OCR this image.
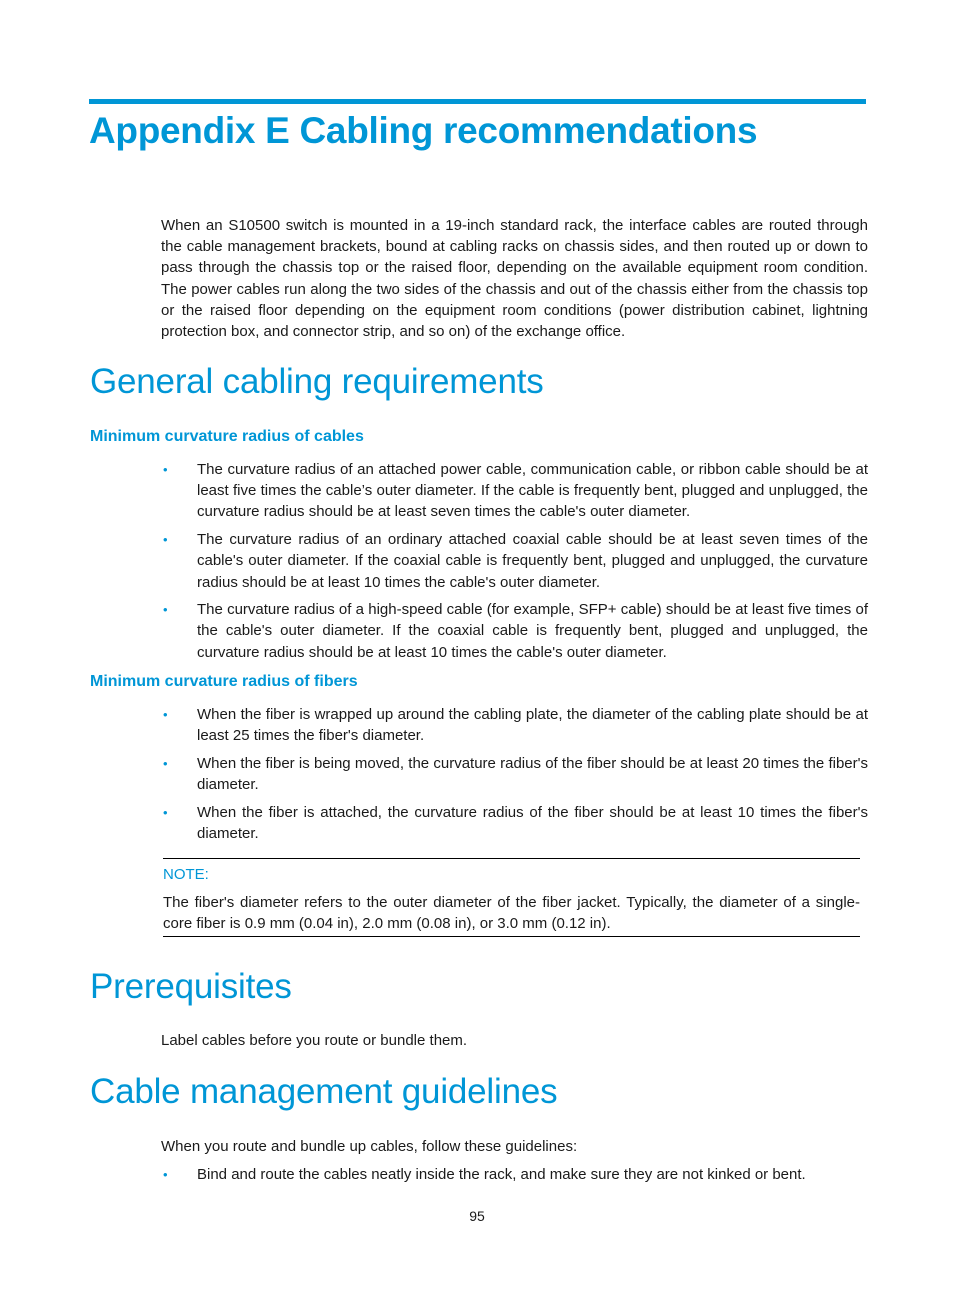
Appendix E Cabling recommendations

When an S10500 switch is mounted in a 19-inch standard rack, the interface cables are routed through the cable management brackets, bound at cabling racks on chassis sides, and then routed up or down to pass through the chassis top or the raised floor, depending on the available equipment room condition. The power cables run along the two sides of the chassis and out of the chassis either from the chassis top or the raised floor depending on the equipment room conditions (power distribution cabinet, lightning protection box, and connector strip, and so on) of the exchange office.

General cabling requirements
Minimum curvature radius of cables
• The curvature radius of an attached power cable, communication cable, or ribbon cable should be at least five times the cable’s outer diameter. If the cable is frequently bent, plugged and unplugged, the curvature radius should be at least seven times the cable's outer diameter.
• The curvature radius of an ordinary attached coaxial cable should be at least seven times of the cable's outer diameter. If the coaxial cable is frequently bent, plugged and unplugged, the curvature radius should be at least 10 times the cable's outer diameter.
• The curvature radius of a high-speed cable (for example, SFP+ cable) should be at least five times of the cable's outer diameter. If the coaxial cable is frequently bent, plugged and unplugged, the curvature radius should be at least 10 times the cable's outer diameter.
Minimum curvature radius of fibers
• When the fiber is wrapped up around the cabling plate, the diameter of the cabling plate should be at least 25 times the fiber's diameter.
• When the fiber is being moved, the curvature radius of the fiber should be at least 20 times the fiber's diameter.
• When the fiber is attached, the curvature radius of the fiber should be at least 10 times the fiber's diameter.

NOTE:

The fiber's diameter refers to the outer diameter of the fiber jacket. Typically, the diameter of a single-core fiber is 0.9 mm (0.04 in), 2.0 mm (0.08 in), or 3.0 mm (0.12 in).

Prerequisites

Label cables before you route or bundle them.

Cable management guidelines

When you route and bundle up cables, follow these guidelines:

• Bind and route the cables neatly inside the rack, and make sure they are not kinked or bent.
95
